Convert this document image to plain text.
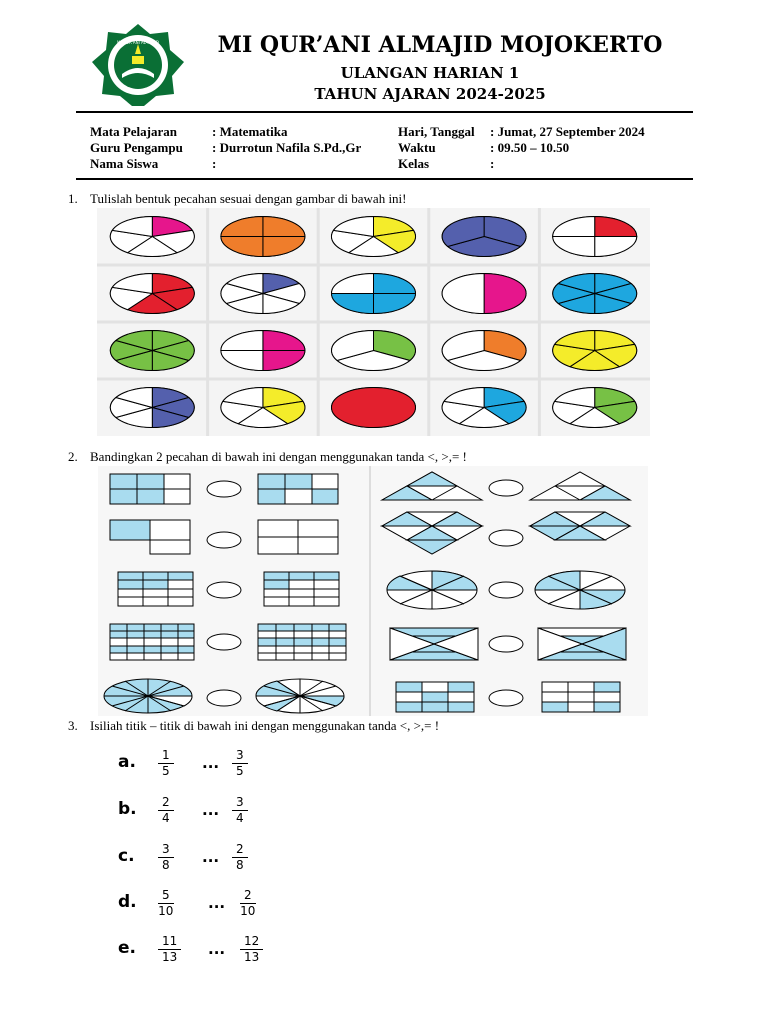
MI QUR'ANI AL-MAJID	MI QUR’ANI ALMAJID MOJOKERTO
ULANGAN HARIAN 1
TAHUN AJARAN 2024-2025
Mata Pelajaran	: Matematika
Guru Pengampu : Durrotun Nafila S.Pd.,Gr
Nama Siswa	:
Hari, Tanggal : Jumat, 27 September 2024
Waktu	: 09.50 – 10.50
Kelas	:
1. Tulislah bentuk pecahan sesuai dengan gambar di bawah ini!
2. Bandingkan 2 pecahan di bawah ini dengan menggunakan tanda <, >,= !
3. Isiliah titik – titik di bawah ini dengan menggunakan tanda <, >,= !
a. $\frac{1}{5}$ ... $\frac{3}{5}$
b. $\frac{2}{4}$ ... $\frac{3}{4}$
c. $\frac{3}{8}$ ... $\frac{2}{8}$
d. $\frac{5}{10}$ ... $\frac{2}{10}$
e. $\frac{11}{13}$ ... $\frac{12}{13}$
